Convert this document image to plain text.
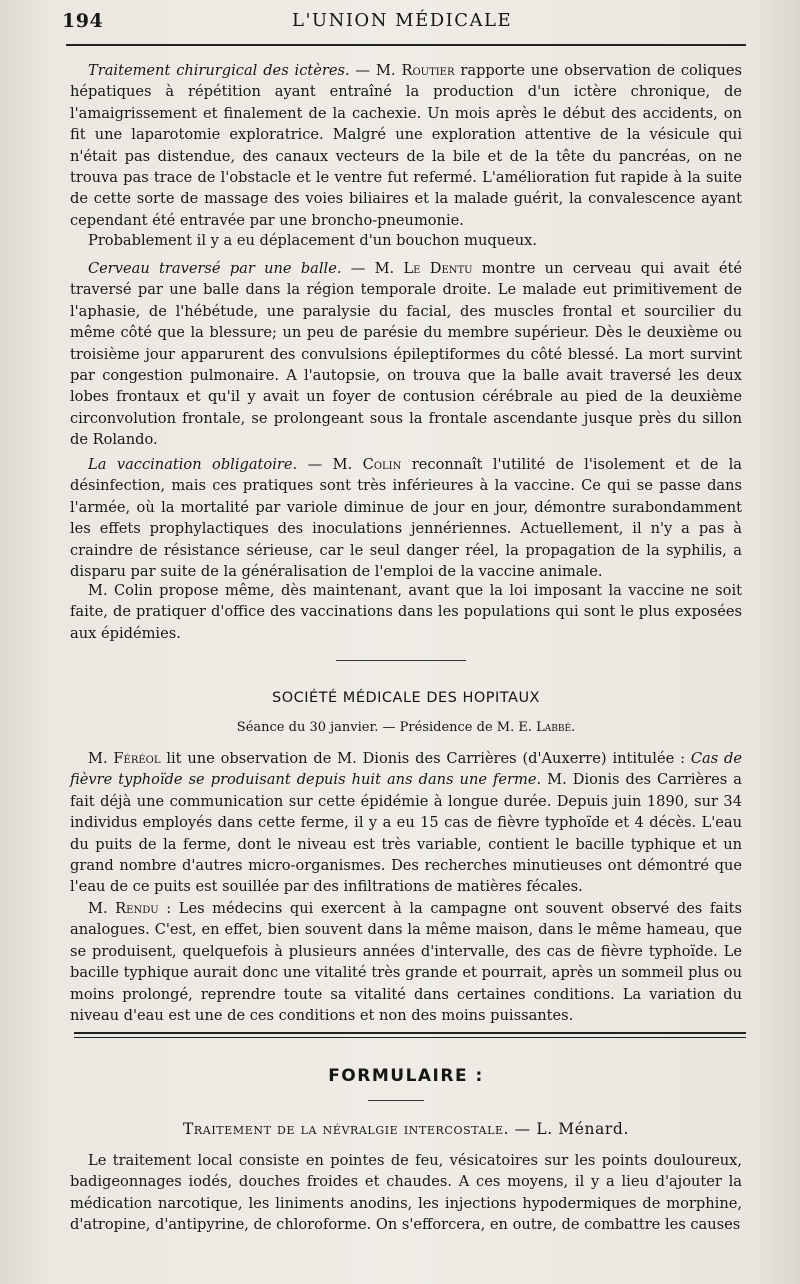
194	L'UNION MÉDICALE

Traitement chirurgical des ictères. — M. Routier rapporte une observation de coliques hépatiques à répétition ayant entraîné la production d'un ictère chronique, de l'amaigrissement et finalement de la cachexie. Un mois après le début des accidents, on fit une laparotomie exploratrice. Malgré une exploration attentive de la vésicule qui n'était pas distendue, des canaux vecteurs de la bile et de la tête du pancréas, on ne trouva pas trace de l'obstacle et le ventre fut refermé. L'amélioration fut rapide à la suite de cette sorte de massage des voies biliaires et la malade guérit, la convalescence ayant cependant été entravée par une broncho-pneumonie.

Probablement il y a eu déplacement d'un bouchon muqueux.

Cerveau traversé par une balle. — M. Le Dentu montre un cerveau qui avait été traversé par une balle dans la région temporale droite. Le malade eut primitivement de l'aphasie, de l'hébétude, une paralysie du facial, des muscles frontal et sourcilier du même côté que la blessure; un peu de parésie du membre supérieur. Dès le deuxième ou troisième jour apparurent des convulsions épileptiformes du côté blessé. La mort survint par congestion pulmonaire. A l'autopsie, on trouva que la balle avait traversé les deux lobes frontaux et qu'il y avait un foyer de contusion cérébrale au pied de la deuxième circonvolution frontale, se prolongeant sous la frontale ascendante jusque près du sillon de Rolando.

La vaccination obligatoire. — M. Colin reconnaît l'utilité de l'isolement et de la désinfection, mais ces pratiques sont très inférieures à la vaccine. Ce qui se passe dans l'armée, où la mortalité par variole diminue de jour en jour, démontre surabondamment les effets prophylactiques des inoculations jennériennes. Actuellement, il n'y a pas à craindre de résistance sérieuse, car le seul danger réel, la propagation de la syphilis, a disparu par suite de la généralisation de l'emploi de la vaccine animale.

M. Colin propose même, dès maintenant, avant que la loi imposant la vaccine ne soit faite, de pratiquer d'office des vaccinations dans les populations qui sont le plus exposées aux épidémies.

SOCIÉTÉ MÉDICALE DES HOPITAUX

Séance du 30 janvier. — Présidence de M. E. Labbé.

M. Féréol lit une observation de M. Dionis des Carrières (d'Auxerre) intitulée : Cas de fièvre typhoïde se produisant depuis huit ans dans une ferme. M. Dionis des Carrières a fait déjà une communication sur cette épidémie à longue durée. Depuis juin 1890, sur 34 individus employés dans cette ferme, il y a eu 15 cas de fièvre typhoïde et 4 décès. L'eau du puits de la ferme, dont le niveau est très variable, contient le bacille typhique et un grand nombre d'autres micro-organismes. Des recherches minutieuses ont démontré que l'eau de ce puits est souillée par des infiltrations de matières fécales.

M. Rendu : Les médecins qui exercent à la campagne ont souvent observé des faits analogues. C'est, en effet, bien souvent dans la même maison, dans le même hameau, que se produisent, quelquefois à plusieurs années d'intervalle, des cas de fièvre typhoïde. Le bacille typhique aurait donc une vitalité très grande et pourrait, après un sommeil plus ou moins prolongé, reprendre toute sa vitalité dans certaines conditions. La variation du niveau d'eau est une de ces conditions et non des moins puissantes.

FORMULAIRE :

Traitement de la névralgie intercostale. — L. Ménard.

Le traitement local consiste en pointes de feu, vésicatoires sur les points douloureux, badigeonnages iodés, douches froides et chaudes. A ces moyens, il y a lieu d'ajouter la médication narcotique, les liniments anodins, les injections hypodermiques de morphine, d'atropine, d'antipyrine, de chloroforme. On s'efforcera, en outre, de combattre les causes
